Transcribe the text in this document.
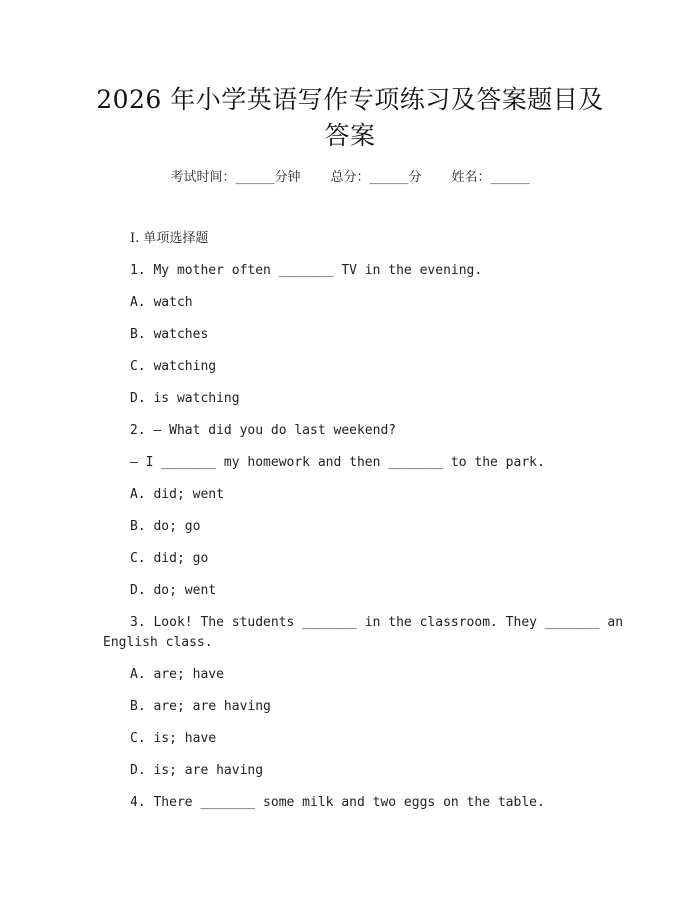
2026 年小学英语写作专项练习及答案题目及
答案
考试时间：______分钟 总分：______分 姓名：______
I. 单项选择题
1. My mother often _______ TV in the evening.
A. watch
B. watches
C. watching
D. is watching
2. — What did you do last weekend?
— I _______ my homework and then _______ to the park.
A. did; went
B. do; go
C. did; go
D. do; went
3. Look! The students _______ in the classroom. They _______ an
English class.
A. are; have
B. are; are having
C. is; have
D. is; are having
4. There _______ some milk and two eggs on the table.
